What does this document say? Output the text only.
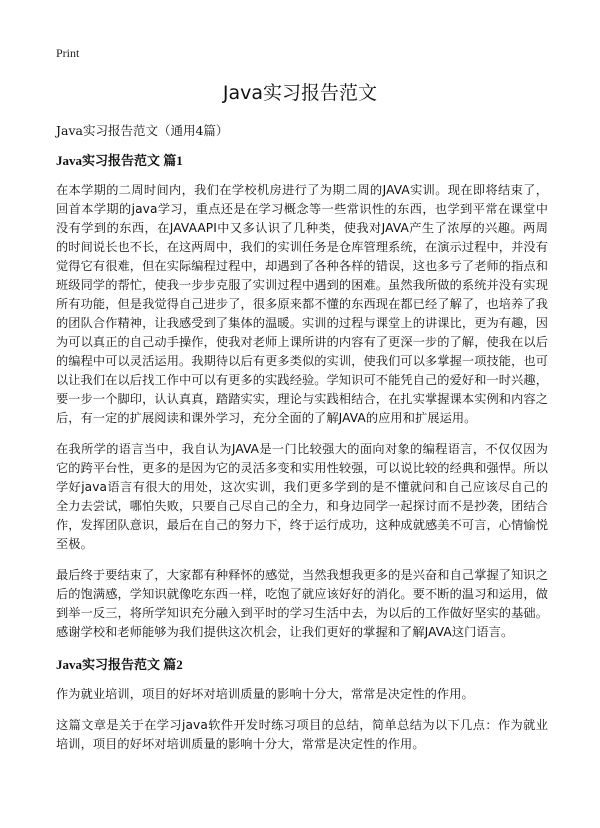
Print
Java实习报告范文
Java实习报告范文（通用4篇）
Java实习报告范文 篇1

在本学期的二周时间内，我们在学校机房进行了为期二周的JAVA实训。现在即将结束了，回首本学期的java学习，重点还是在学习概念等一些常识性的东西，也学到平常在课堂中没有学到的东西，在JAVAAPI中又多认识了几种类，使我对JAVA产生了浓厚的兴趣。两周的时间说长也不长，在这两周中，我们的实训任务是仓库管理系统，在演示过程中，并没有觉得它有很难，但在实际编程过程中，却遇到了各种各样的错误，这也多亏了老师的指点和班级同学的帮忙，使我一步步克服了实训过程中遇到的困难。虽然我所做的系统并没有实现所有功能，但是我觉得自己进步了，很多原来都不懂的东西现在都已经了解了，也培养了我的团队合作精神，让我感受到了集体的温暖。实训的过程与课堂上的讲课比，更为有趣，因为可以真正的自己动手操作，使我对老师上课所讲的内容有了更深一步的了解，使我在以后的编程中可以灵活运用。我期待以后有更多类似的实训，使我们可以多掌握一项技能，也可以让我们在以后找工作中可以有更多的实践经验。学知识可不能凭自己的爱好和一时兴趣，要一步一个脚印，认认真真，踏踏实实，理论与实践相结合，在扎实掌握课本实例和内容之后，有一定的扩展阅读和课外学习，充分全面的了解JAVA的应用和扩展运用。

在我所学的语言当中，我自认为JAVA是一门比较强大的面向对象的编程语言，不仅仅因为它的跨平台性，更多的是因为它的灵活多变和实用性较强，可以说比较的经典和强悍。所以学好java语言有很大的用处，这次实训，我们更多学到的是不懂就问和自己应该尽自己的全力去尝试，哪怕失败，只要自己尽自己的全力，和身边同学一起探讨而不是抄袭，团结合作，发挥团队意识，最后在自己的努力下，终于运行成功，这种成就感美不可言，心情愉悦至极。

最后终于要结束了，大家都有种释怀的感觉，当然我想我更多的是兴奋和自己掌握了知识之后的饱满感，学知识就像吃东西一样，吃饱了就应该好好的消化。要不断的温习和运用，做到举一反三，将所学知识充分融入到平时的学习生活中去，为以后的工作做好坚实的基础。感谢学校和老师能够为我们提供这次机会，让我们更好的掌握和了解JAVA这门语言。

Java实习报告范文 篇2

作为就业培训，项目的好坏对培训质量的影响十分大，常常是决定性的作用。

这篇文章是关于在学习java软件开发时练习项目的总结，简单总结为以下几点：作为就业培训，项目的好坏对培训质量的影响十分大，常常是决定性的作用。
